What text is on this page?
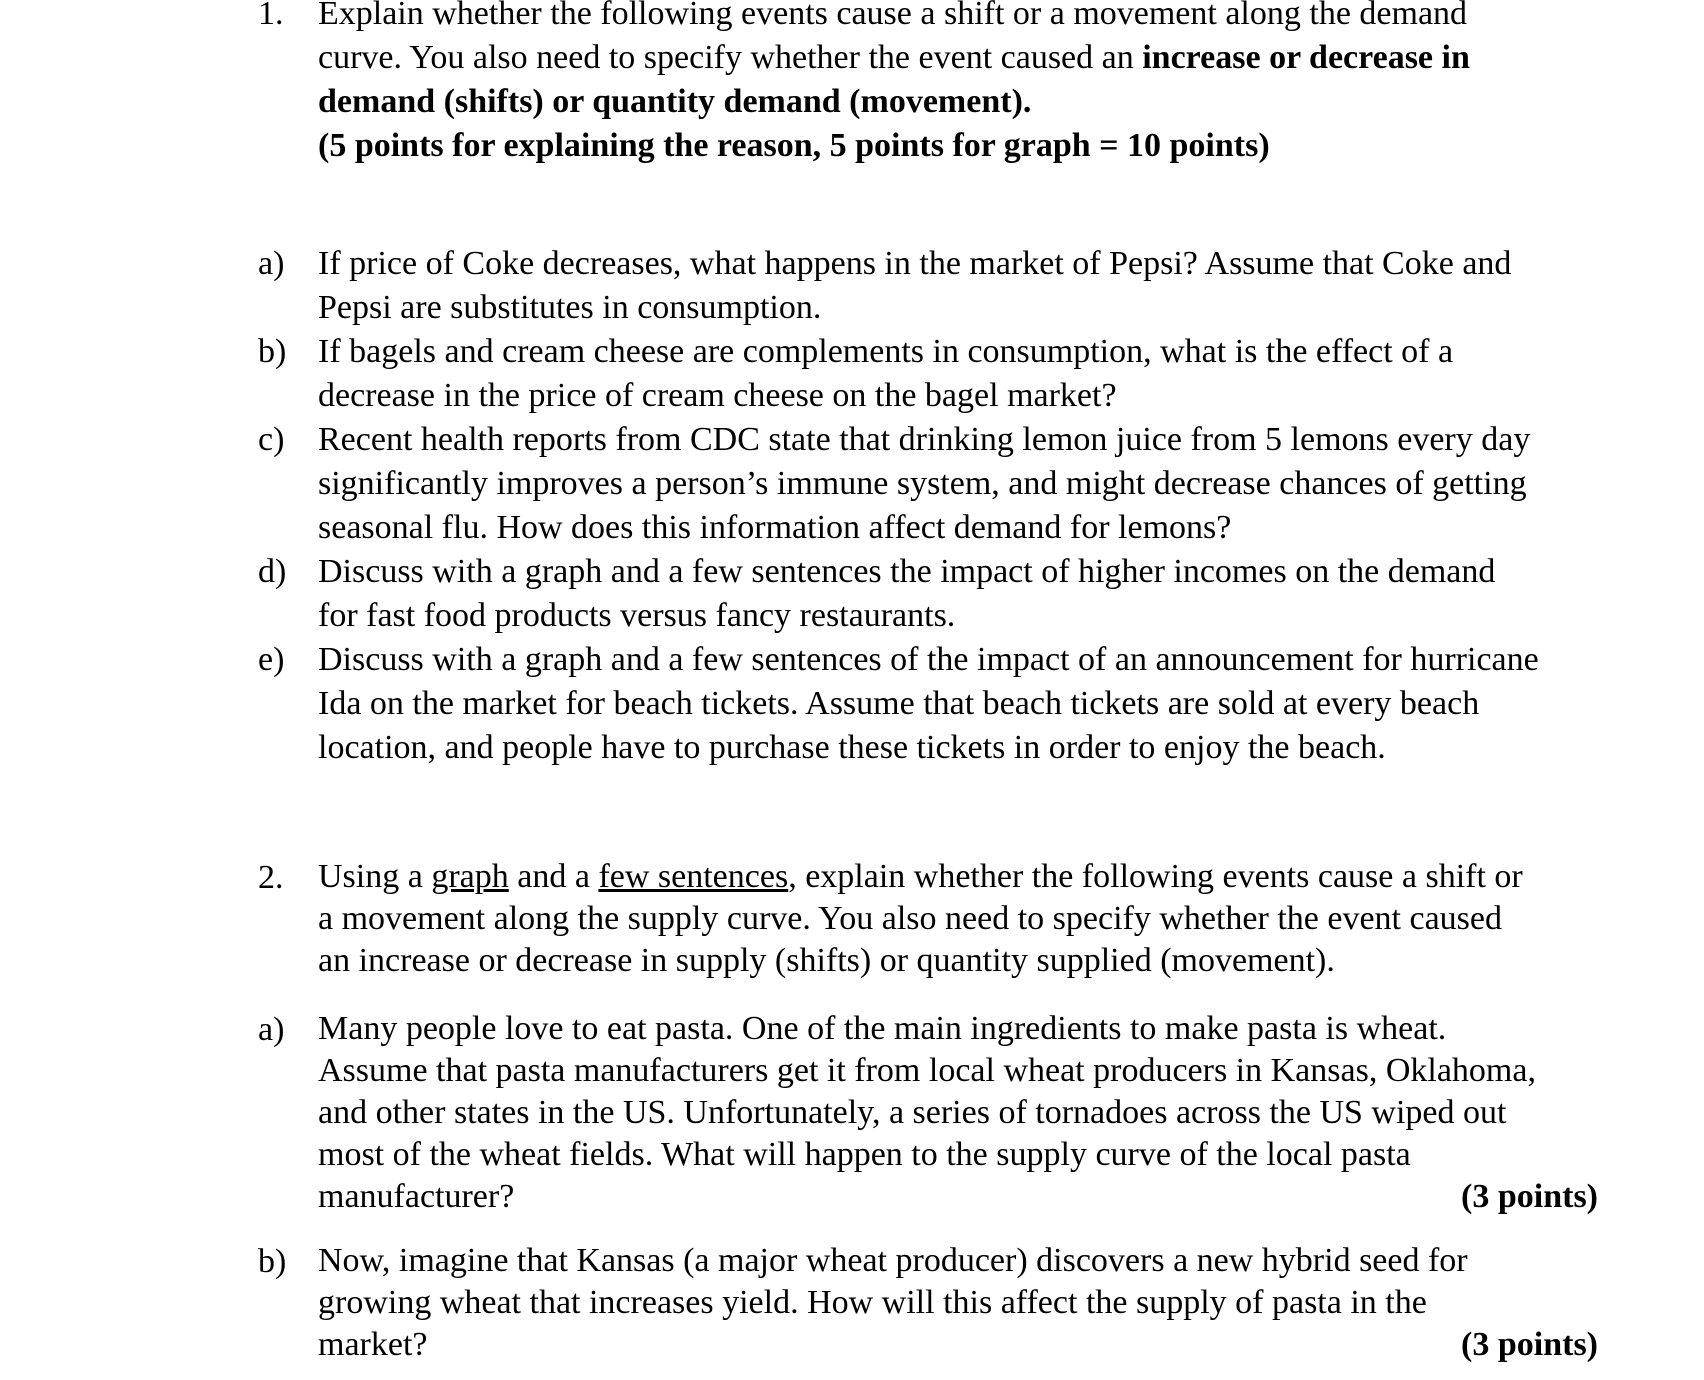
1.	Explain whether the following events cause a shift or a movement along the demand
curve. You also need to specify whether the event caused an increase or decrease in
demand (shifts) or quantity demand (movement).
(5 points for explaining the reason, 5 points for graph = 10 points)
a) If price of Coke decreases, what happens in the market of Pepsi? Assume that Coke and
Pepsi are substitutes in consumption.
b) If bagels and cream cheese are complements in consumption, what is the effect of a
decrease in the price of cream cheese on the bagel market?
c) Recent health reports from CDC state that drinking lemon juice from 5 lemons every day
significantly improves a person’s immune system, and might decrease chances of getting
seasonal flu. How does this information affect demand for lemons?
d) Discuss with a graph and a few sentences the impact of higher incomes on the demand
for fast food products versus fancy restaurants.
e) Discuss with a graph and a few sentences of the impact of an announcement for hurricane
Ida on the market for beach tickets. Assume that beach tickets are sold at every beach
location, and people have to purchase these tickets in order to enjoy the beach.
2.	Using a graph and a few sentences, explain whether the following events cause a shift or
a movement along the supply curve. You also need to specify whether the event caused
an increase or decrease in supply (shifts) or quantity supplied (movement).
a) Many people love to eat pasta. One of the main ingredients to make pasta is wheat.
Assume that pasta manufacturers get it from local wheat producers in Kansas, Oklahoma,
and other states in the US. Unfortunately, a series of tornadoes across the US wiped out
most of the wheat fields. What will happen to the supply curve of the local pasta
manufacturer?	(3 points)
b) Now, imagine that Kansas (a major wheat producer) discovers a new hybrid seed for
growing wheat that increases yield. How will this affect the supply of pasta in the
market?	(3 points)
